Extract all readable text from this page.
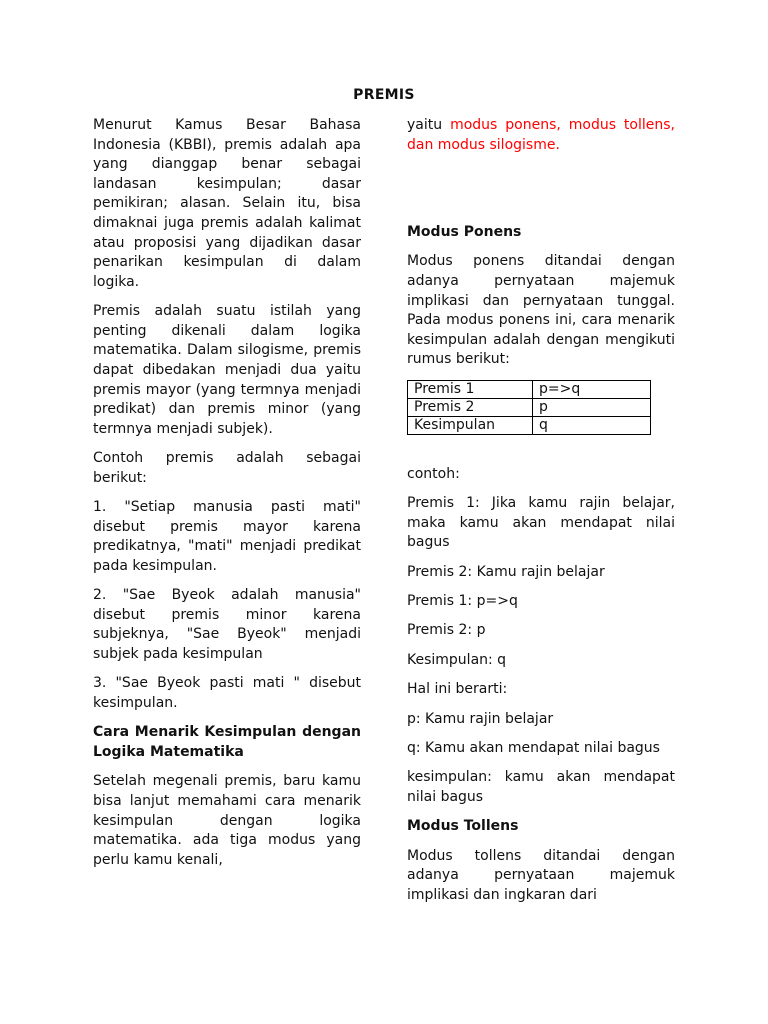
PREMIS

Menurut Kamus Besar Bahasa Indonesia (KBBI), premis adalah apa yang dianggap benar sebagai landasan kesimpulan; dasar pemikiran; alasan. Selain itu, bisa dimaknai juga premis adalah kalimat atau proposisi yang dijadikan dasar penarikan kesimpulan di dalam logika.

Premis adalah suatu istilah yang penting dikenali dalam logika matematika. Dalam silogisme, premis dapat dibedakan menjadi dua yaitu premis mayor (yang termnya menjadi predikat) dan premis minor (yang termnya menjadi subjek).

Contoh premis adalah sebagai berikut:

1. "Setiap manusia pasti mati" disebut premis mayor karena predikatnya, "mati" menjadi predikat pada kesimpulan.

2. "Sae Byeok adalah manusia" disebut premis minor karena subjeknya, "Sae Byeok" menjadi subjek pada kesimpulan

3. "Sae Byeok pasti mati " disebut kesimpulan.

Cara Menarik Kesimpulan dengan Logika Matematika

Setelah megenali premis, baru kamu bisa lanjut memahami cara menarik kesimpulan dengan logika matematika. ada tiga modus yang perlu kamu kenali,

yaitu modus ponens, modus tollens, dan modus silogisme.

Modus Ponens

Modus ponens ditandai dengan adanya pernyataan majemuk implikasi dan pernyataan tunggal. Pada modus ponens ini, cara menarik kesimpulan adalah dengan mengikuti rumus berikut:

Premis 1	p=>q
Premis 2	p
Kesimpulan	q

contoh:

Premis 1: Jika kamu rajin belajar, maka kamu akan mendapat nilai bagus

Premis 2: Kamu rajin belajar

Premis 1: p=>q

Premis 2: p

Kesimpulan: q

Hal ini berarti:

p: Kamu rajin belajar

q: Kamu akan mendapat nilai bagus

kesimpulan: kamu akan mendapat nilai bagus

Modus Tollens

Modus tollens ditandai dengan adanya pernyataan majemuk implikasi dan ingkaran dari
